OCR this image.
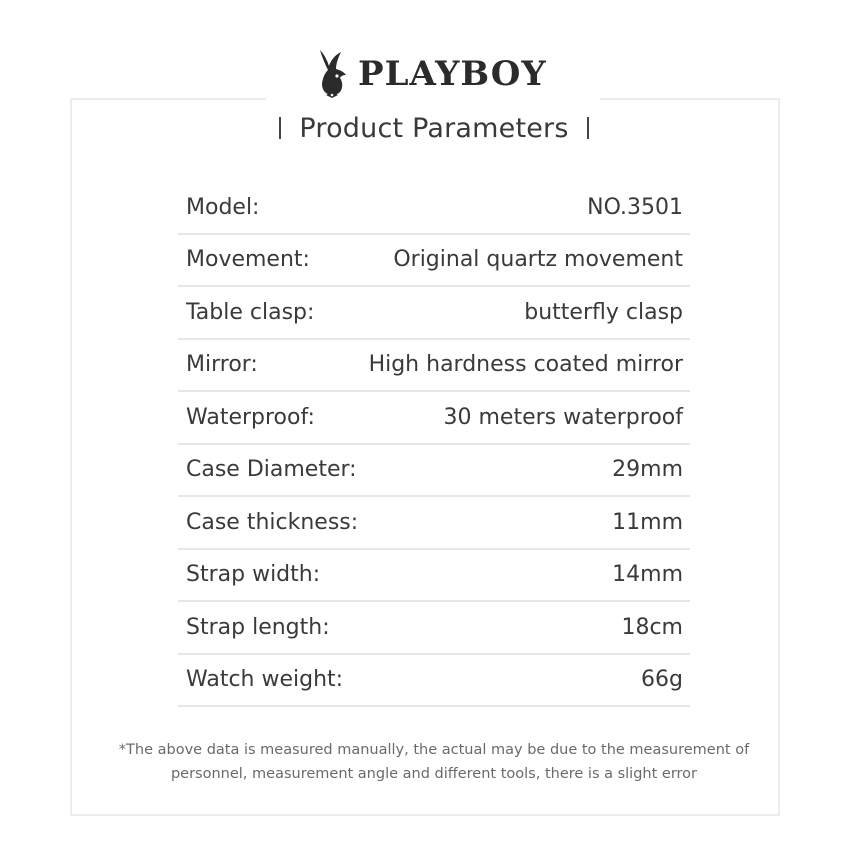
PLAYBOY
Product Parameters
Model:	NO.3501
Movement:	Original quartz movement
Table clasp:	butterfly clasp
Mirror:	High hardness coated mirror
Waterproof:	30 meters waterproof
Case Diameter:	29mm
Case thickness:	11mm
Strap width:	14mm
Strap length:	18cm
Watch weight:	66g
*The above data is measured manually, the actual may be due to the measurement of
personnel, measurement angle and different tools, there is a slight error
